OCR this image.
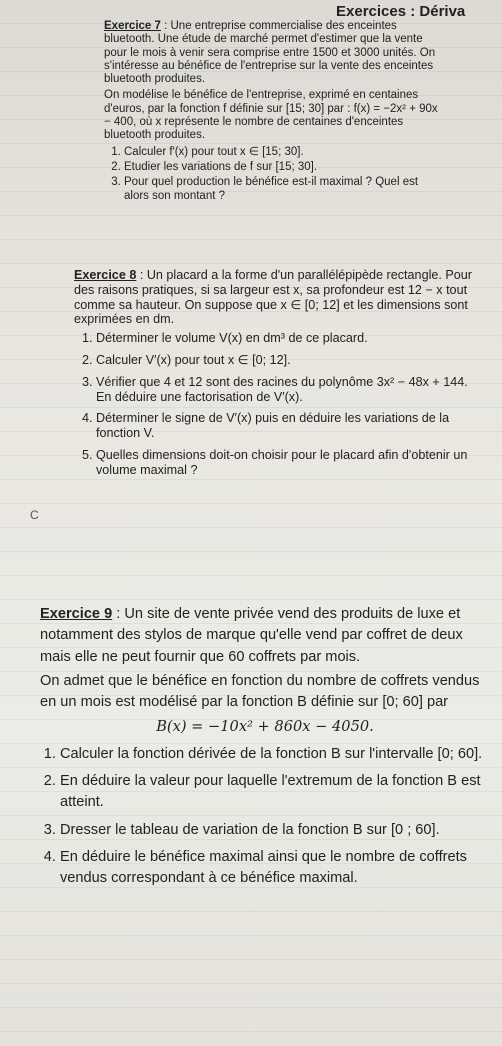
Exercices : Dériva

Exercice 7 : Une entreprise commercialise des enceintes bluetooth. Une étude de marché permet d'estimer que la vente pour le mois à venir sera comprise entre 1500 et 3000 unités. On s'intéresse au bénéfice de l'entreprise sur la vente des enceintes bluetooth produites.

On modélise le bénéfice de l'entreprise, exprimé en centaines d'euros, par la fonction f définie sur [15; 30] par : f(x) = −2x² + 90x − 400, où x représente le nombre de centaines d'enceintes bluetooth produites.

1. Calculer f′(x) pour tout x ∈ [15; 30].
2. Etudier les variations de f sur [15; 30].
3. Pour quel production le bénéfice est-il maximal ? Quel est alors son montant ?

Exercice 8 : Un placard a la forme d'un parallélépipède rectangle. Pour des raisons pratiques, si sa largeur est x, sa profondeur est 12 − x tout comme sa hauteur. On suppose que x ∈ [0; 12] et les dimensions sont exprimées en dm.

1. Déterminer le volume V(x) en dm³ de ce placard.
2. Calculer V′(x) pour tout x ∈ [0; 12].
3. Vérifier que 4 et 12 sont des racines du polynôme 3x² − 48x + 144. En déduire une factorisation de V′(x).
4. Déterminer le signe de V′(x) puis en déduire les variations de la fonction V.
5. Quelles dimensions doit-on choisir pour le placard afin d'obtenir un volume maximal ?
C

Exercice 9 : Un site de vente privée vend des produits de luxe et notamment des stylos de marque qu'elle vend par coffret de deux mais elle ne peut fournir que 60 coffrets par mois.

On admet que le bénéfice en fonction du nombre de coffrets vendus en un mois est modélisé par la fonction B définie sur [0; 60] par

B(x) = −10x² + 860x − 4050.
1. Calculer la fonction dérivée de la fonction B sur l'intervalle [0; 60].
2. En déduire la valeur pour laquelle l'extremum de la fonction B est atteint.
3. Dresser le tableau de variation de la fonction B sur [0 ; 60].
4. En déduire le bénéfice maximal ainsi que le nombre de coffrets vendus correspondant à ce bénéfice maximal.
